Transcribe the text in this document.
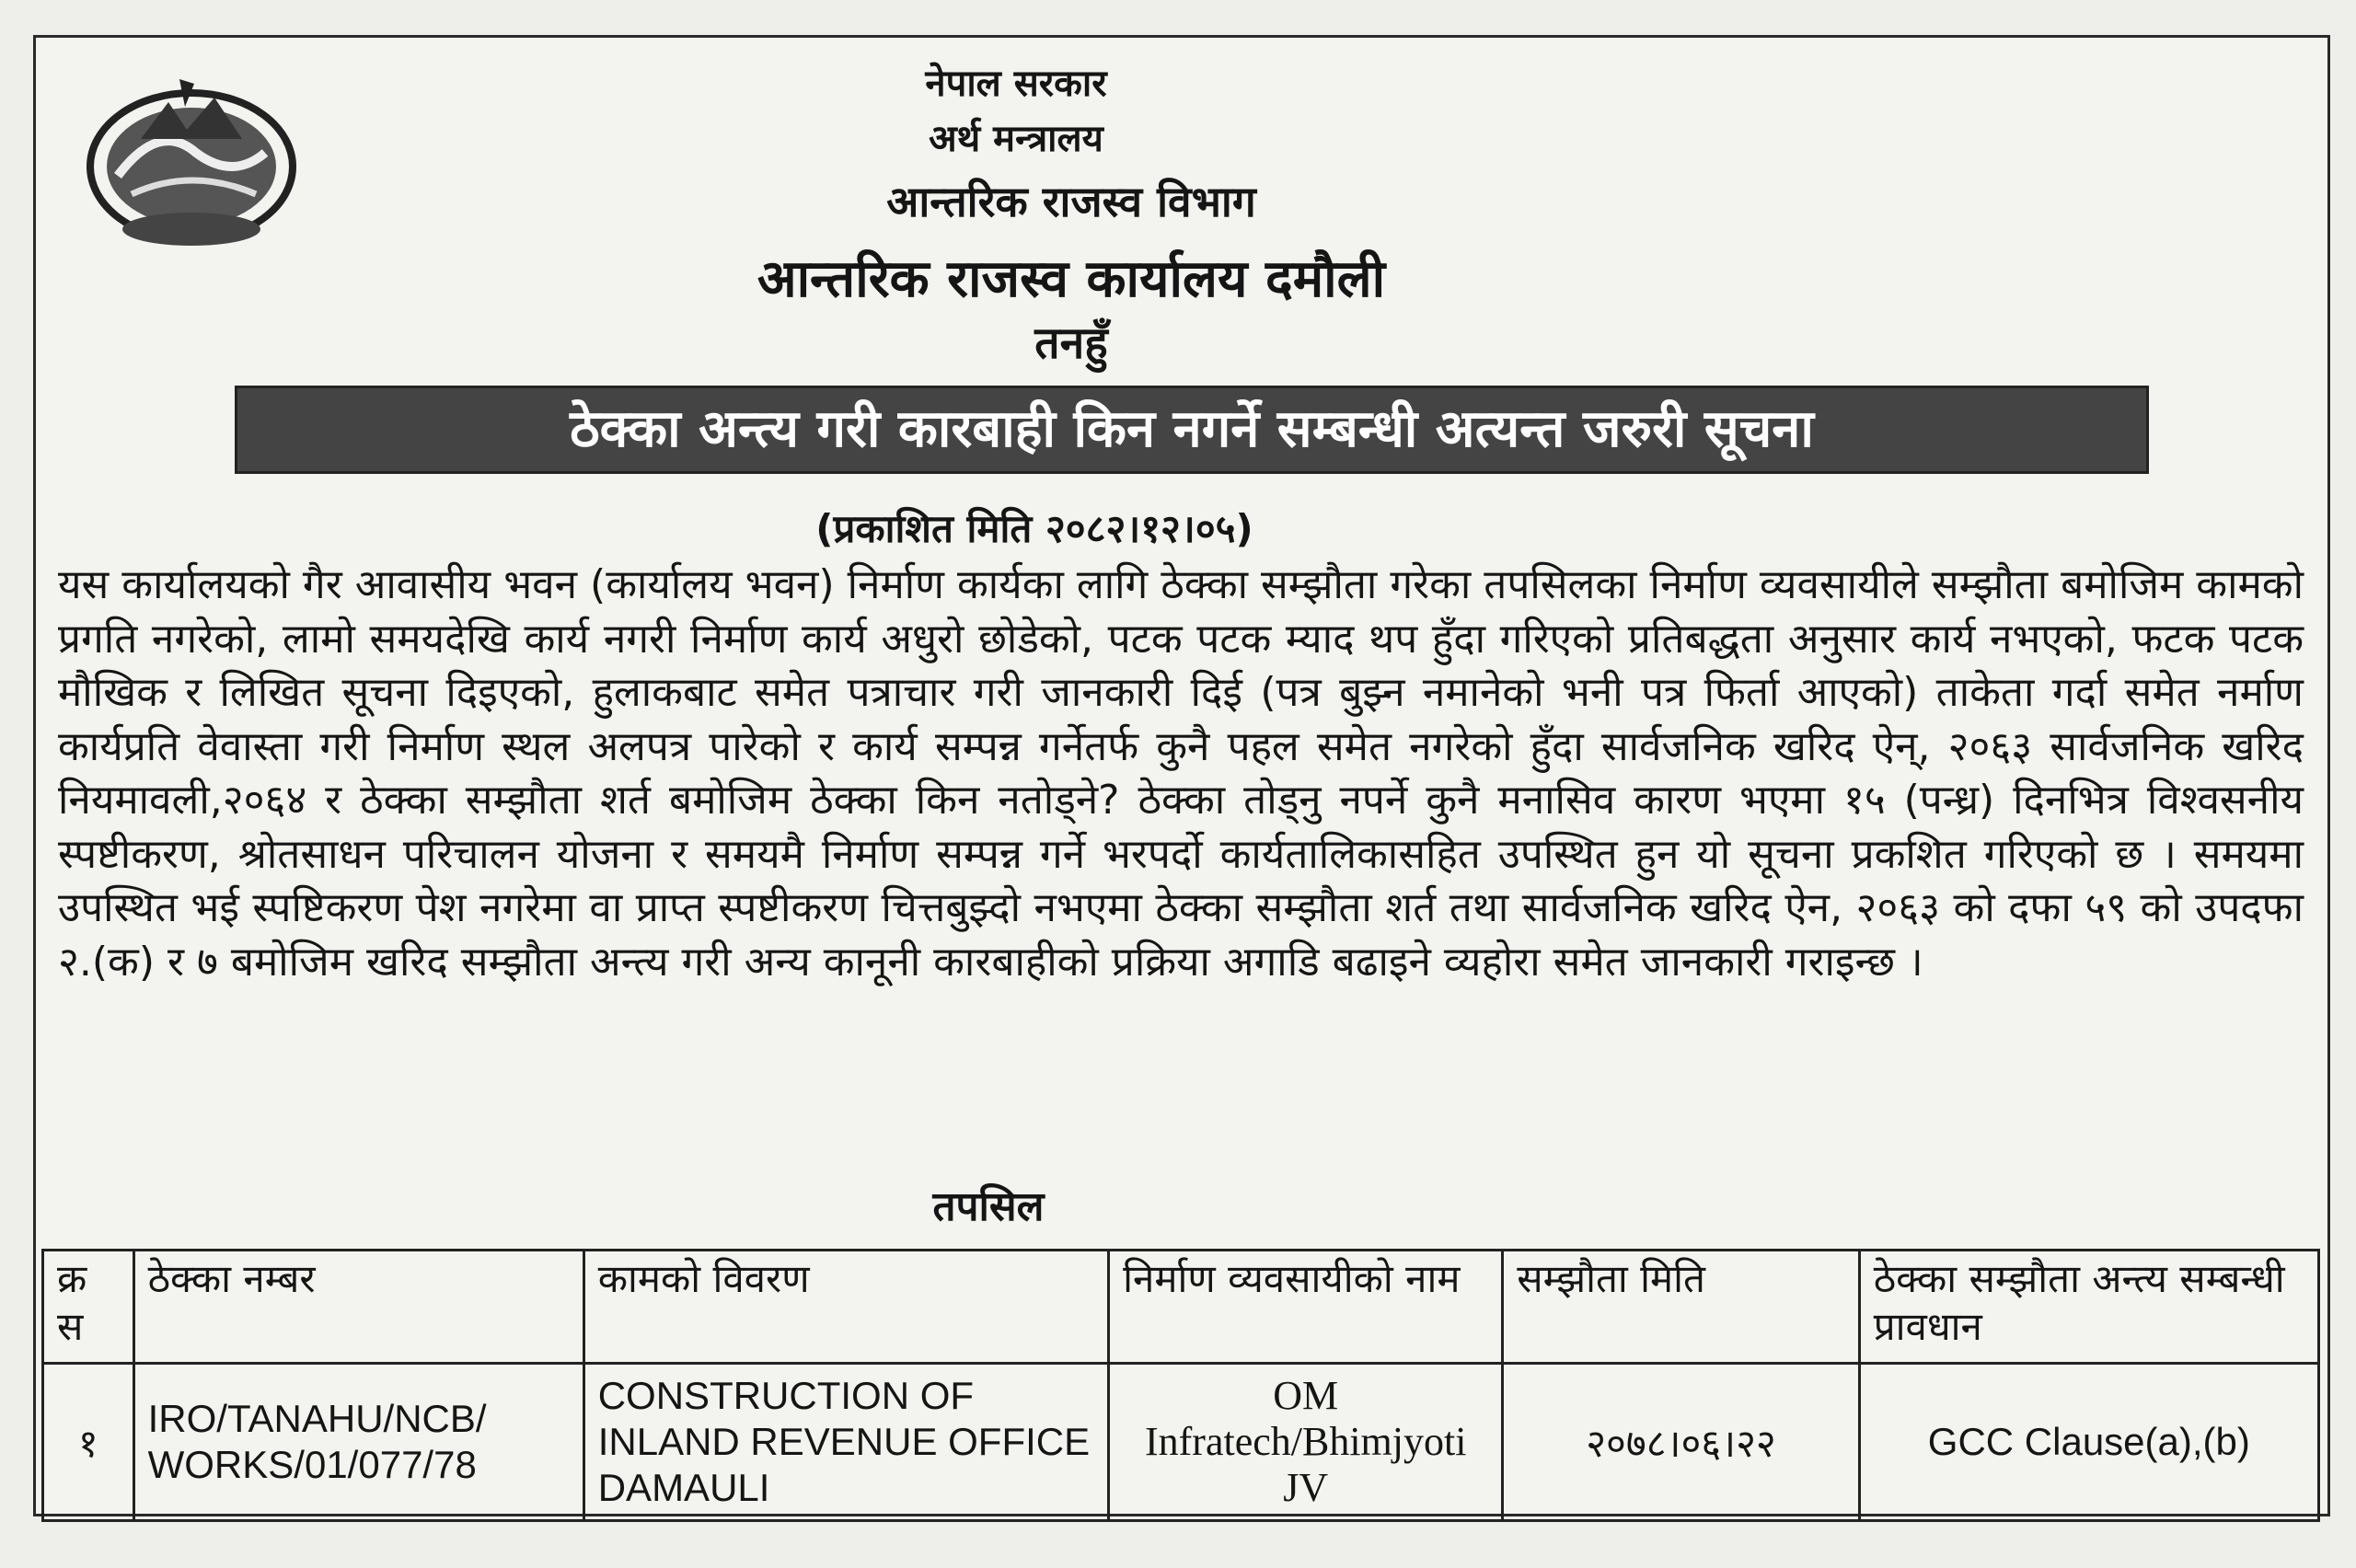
नेपाल सरकार
अर्थ मन्त्रालय
आन्तरिक राजस्व विभाग
आन्तरिक राजस्व कार्यालय दमौली
तनहुँ
ठेक्का अन्त्य गरी कारबाही किन नगर्ने सम्बन्धी अत्यन्त जरुरी सूचना
(प्रकाशित मिति २०८२।१२।०५)
यस कार्यालयको गैर आवासीय भवन (कार्यालय भवन) निर्माण कार्यका लागि ठेक्का सम्झौता गरेका तपसिलका निर्माण व्यवसायीले सम्झौता बमोजिम कामको प्रगति नगरेको, लामो समयदेखि कार्य नगरी निर्माण कार्य अधुरो छोडेको, पटक पटक म्याद थप हुँदा गरिएको प्रतिबद्धता अनुसार कार्य नभएको, फटक पटक मौखिक र लिखित सूचना दिइएको, हुलाकबाट समेत पत्राचार गरी जानकारी दिई (पत्र बुझ्न नमानेको भनी पत्र फिर्ता आएको) ताकेता गर्दा समेत नर्माण कार्यप्रति वेवास्ता गरी निर्माण स्थल अलपत्र पारेको र कार्य सम्पन्न गर्नेतर्फ कुनै पहल समेत नगरेको हुँदा सार्वजनिक खरिद ऐन्, २०६३ सार्वजनिक खरिद नियमावली,२०६४ र ठेक्का सम्झौता शर्त बमोजिम ठेक्का किन नतोड्ने? ठेक्का तोड्नु नपर्ने कुनै मनासिव कारण भएमा १५ (पन्ध्र) दिनभित्र विश्वसनीय स्पष्टीकरण, श्रोतसाधन परिचालन योजना र समयमै निर्माण सम्पन्न गर्ने भरपर्दो कार्यतालिकासहित उपस्थित हुन यो सूचना प्रकशित गरिएको छ । समयमा उपस्थित भई स्पष्टिकरण पेश नगरेमा वा प्राप्त स्पष्टीकरण चित्तबुझ्दो नभएमा ठेक्का सम्झौता शर्त तथा सार्वजनिक खरिद ऐन, २०६३ को दफा ५९ को उपदफा २.(क) र ७ बमोजिम खरिद सम्झौता अन्त्य गरी अन्य कानूनी कारबाहीको प्रक्रिया अगाडि बढाइने व्यहोरा समेत जानकारी गराइन्छ ।
तपसिल
क्र स	ठेक्का नम्बर	कामको विवरण	निर्माण व्यवसायीको नाम	सम्झौता मिति	ठेक्का सम्झौता अन्त्य सम्बन्धी प्रावधान
१	IRO/TANAHU/NCB/ WORKS/01/077/78	CONSTRUCTION OF INLAND REVENUE OFFICE DAMAULI	OM Infratech/Bhimjyoti JV	२०७८।०६।२२	GCC Clause(a),(b)
